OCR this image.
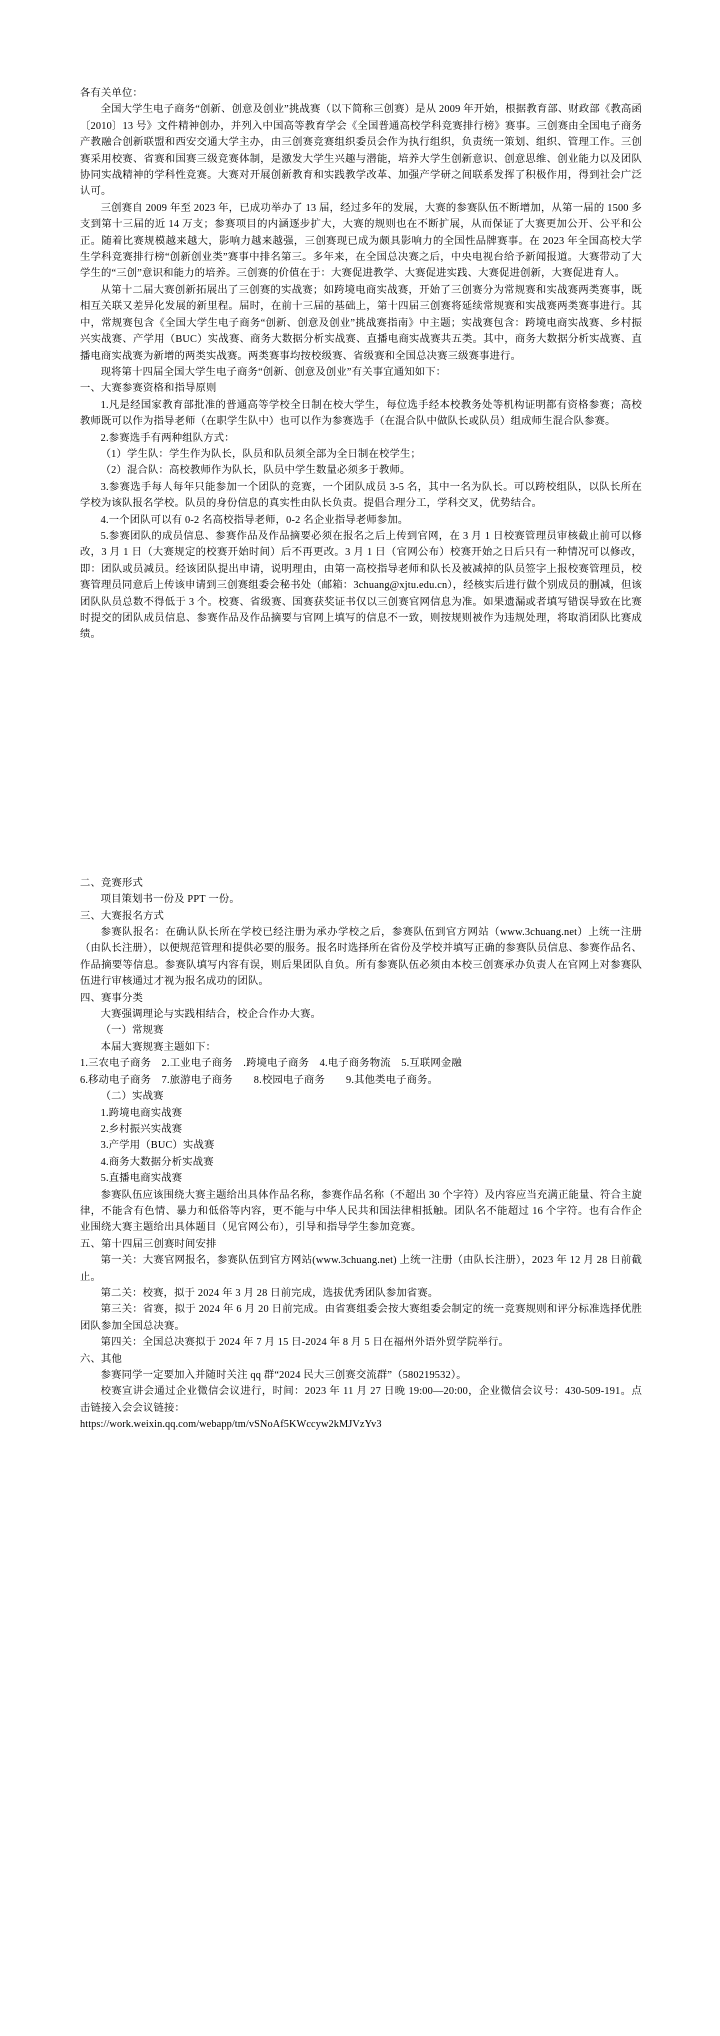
各有关单位：

全国大学生电子商务“创新、创意及创业”挑战赛（以下简称三创赛）是从 2009 年开始，根据教育部、财政部《教高函〔2010〕13 号》文件精神创办，并列入中国高等教育学会《全国普通高校学科竞赛排行榜》赛事。三创赛由全国电子商务产教融合创新联盟和西安交通大学主办，由三创赛竞赛组织委员会作为执行组织，负责统一策划、组织、管理工作。三创赛采用校赛、省赛和国赛三级竞赛体制，是激发大学生兴趣与潜能，培养大学生创新意识、创意思维、创业能力以及团队协同实战精神的学科性竞赛。大赛对开展创新教育和实践教学改革、加强产学研之间联系发挥了积极作用，得到社会广泛认可。

三创赛自 2009 年至 2023 年，已成功举办了 13 届，经过多年的发展，大赛的参赛队伍不断增加，从第一届的 1500 多支到第十三届的近 14 万支；参赛项目的内涵逐步扩大，大赛的规则也在不断扩展，从而保证了大赛更加公开、公平和公正。随着比赛规模越来越大，影响力越来越强，三创赛现已成为颇具影响力的全国性品牌赛事。在 2023 年全国高校大学生学科竞赛排行榜“创新创业类”赛事中排名第三。多年来，在全国总决赛之后，中央电视台给予新闻报道。大赛带动了大学生的“三创”意识和能力的培养。三创赛的价值在于：大赛促进教学、大赛促进实践、大赛促进创新，大赛促进育人。

从第十二届大赛创新拓展出了三创赛的实战赛；如跨境电商实战赛，开始了三创赛分为常规赛和实战赛两类赛事，既相互关联又差异化发展的新里程。届时，在前十三届的基础上，第十四届三创赛将延续常规赛和实战赛两类赛事进行。其中，常规赛包含《全国大学生电子商务“创新、创意及创业”挑战赛指南》中主题；实战赛包含：跨境电商实战赛、乡村振兴实战赛、产学用（BUC）实战赛、商务大数据分析实战赛、直播电商实战赛共五类。其中，商务大数据分析实战赛、直播电商实战赛为新增的两类实战赛。两类赛事均按校级赛、省级赛和全国总决赛三级赛事进行。

现将第十四届全国大学生电子商务“创新、创意及创业”有关事宜通知如下：

一、大赛参赛资格和指导原则

1.凡是经国家教育部批准的普通高等学校全日制在校大学生，每位选手经本校教务处等机构证明都有资格参赛；高校教师既可以作为指导老师（在职学生队中）也可以作为参赛选手（在混合队中做队长或队员）组成师生混合队参赛。

2.参赛选手有两种组队方式：

（1）学生队：学生作为队长，队员和队员须全部为全日制在校学生；

（2）混合队：高校教师作为队长，队员中学生数量必须多于教师。

3.参赛选手每人每年只能参加一个团队的竞赛，一个团队成员 3-5 名，其中一名为队长。可以跨校组队，以队长所在学校为该队报名学校。队员的身份信息的真实性由队长负责。提倡合理分工，学科交叉，优势结合。

4.一个团队可以有 0-2 名高校指导老师，0-2 名企业指导老师参加。

5.参赛团队的成员信息、参赛作品及作品摘要必须在报名之后上传到官网，在 3 月 1 日校赛管理员审核截止前可以修改，3 月 1 日（大赛规定的校赛开始时间）后不再更改。3 月 1 日（官网公布）校赛开始之日后只有一种情况可以修改，即：团队或员减员。经该团队提出申请，说明理由，由第一高校指导老师和队长及被减掉的队员签字上报校赛管理员，校赛管理员同意后上传该申请到三创赛组委会秘书处（邮箱：3chuang@xjtu.edu.cn），经核实后进行做个别成员的删减，但该团队队员总数不得低于 3 个。校赛、省级赛、国赛获奖证书仅以三创赛官网信息为准。如果遗漏或者填写错误导致在比赛时提交的团队成员信息、参赛作品及作品摘要与官网上填写的信息不一致，则按规则被作为违规处理，将取消团队比赛成绩。

二、竞赛形式

项目策划书一份及 PPT 一份。

三、大赛报名方式

参赛队报名：在确认队长所在学校已经注册为承办学校之后，参赛队伍到官方网站（www.3chuang.net）上统一注册（由队长注册），以便规范管理和提供必要的服务。报名时选择所在省份及学校并填写正确的参赛队员信息、参赛作品名、作品摘要等信息。参赛队填写内容有误，则后果团队自负。所有参赛队伍必须由本校三创赛承办负责人在官网上对参赛队伍进行审核通过才视为报名成功的团队。

四、赛事分类

大赛强调理论与实践相结合，校企合作办大赛。

（一）常规赛

本届大赛规赛主题如下：

1.三农电子商务　2.工业电子商务　.跨境电子商务　4.电子商务物流　5.互联网金融

6.移动电子商务　7.旅游电子商务　　8.校园电子商务　　9.其他类电子商务。

（二）实战赛

1.跨境电商实战赛

2.乡村振兴实战赛

3.产学用（BUC）实战赛

4.商务大数据分析实战赛

5.直播电商实战赛

参赛队伍应该围绕大赛主题给出具体作品名称，参赛作品名称（不超出 30 个字符）及内容应当充满正能量、符合主旋律，不能含有色情、暴力和低俗等内容，更不能与中华人民共和国法律相抵触。团队名不能超过 16 个字符。也有合作企业围绕大赛主题给出具体题目（见官网公布），引导和指导学生参加竞赛。

五、第十四届三创赛时间安排

第一关：大赛官网报名，参赛队伍到官方网站(www.3chuang.net) 上统一注册（由队长注册），2023 年 12 月 28 日前截止。

第二关：校赛，拟于 2024 年 3 月 28 日前完成，选拔优秀团队参加省赛。

第三关：省赛，拟于 2024 年 6 月 20 日前完成。由省赛组委会按大赛组委会制定的统一竞赛规则和评分标准选择优胜团队参加全国总决赛。

第四关：全国总决赛拟于 2024 年 7 月 15 日-2024 年 8 月 5 日在福州外语外贸学院举行。

六、其他

参赛同学一定要加入并随时关注 qq 群“2024 民大三创赛交流群”（580219532）。

校赛宣讲会通过企业微信会议进行，时间：2023 年 11 月 27 日晚 19:00—20:00，企业微信会议号：430-509-191。点击链接入会会议链接：

https://work.weixin.qq.com/webapp/tm/vSNoAf5KWccyw2kMJVzYv3
